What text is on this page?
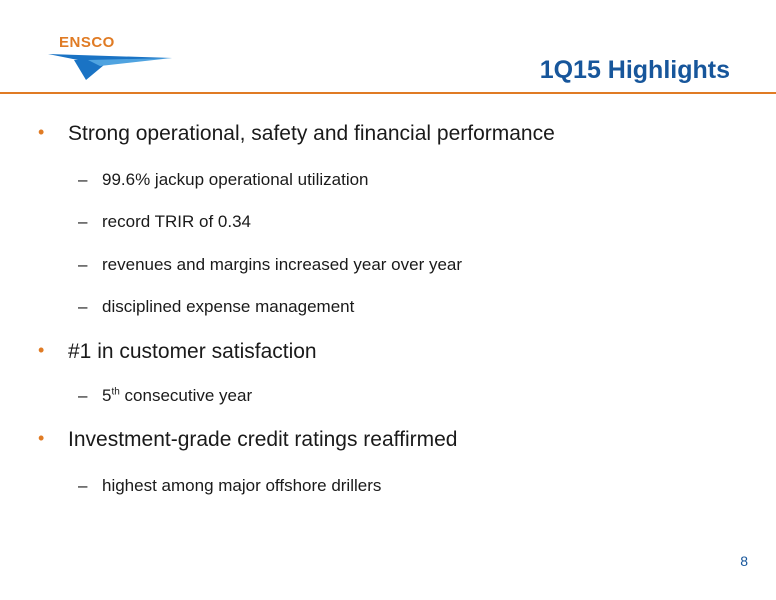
ENSCO

1Q15 Highlights
• Strong operational, safety and financial performance
– 99.6% jackup operational utilization
– record TRIR of 0.34
– revenues and margins increased year over year
– disciplined expense management
• #1 in customer satisfaction
– 5th consecutive year
• Investment-grade credit ratings reaffirmed
– highest among major offshore drillers
8
